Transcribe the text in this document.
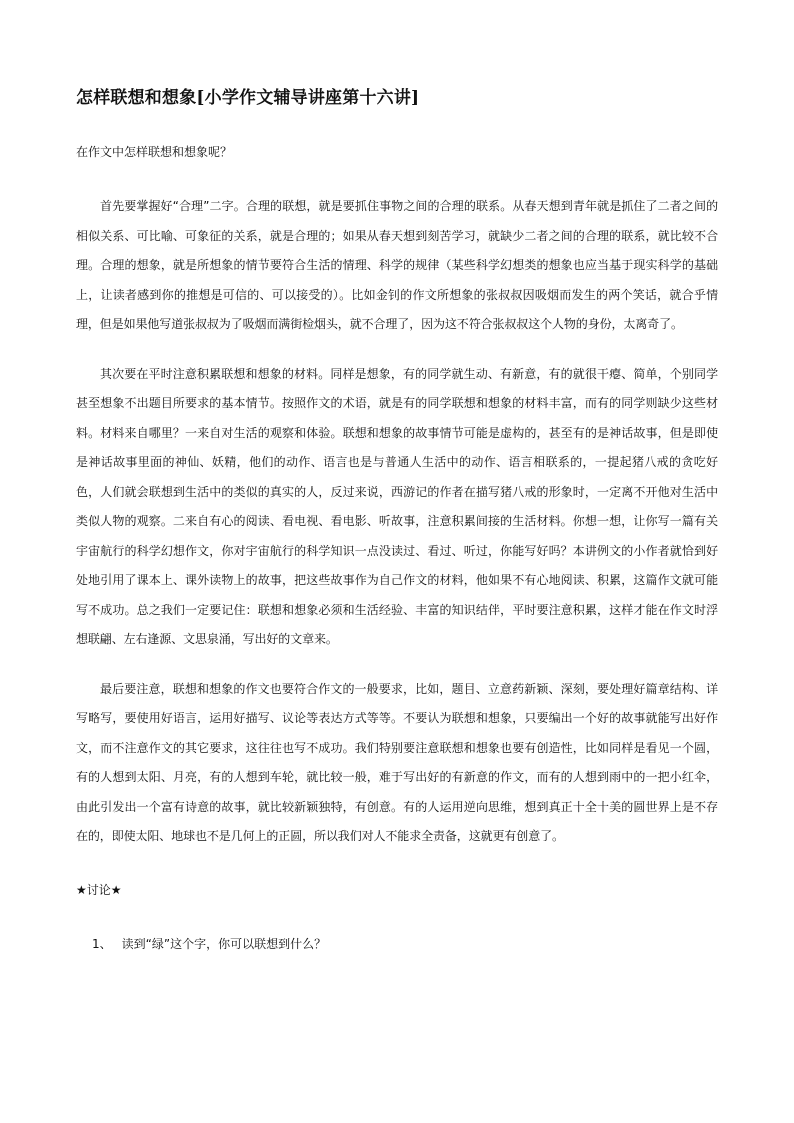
怎样联想和想象[小学作文辅导讲座第十六讲]

在作文中怎样联想和想象呢？

首先要掌握好“合理”二字。合理的联想，就是要抓住事物之间的合理的联系。从春天想到青年就是抓住了二者之间的相似关系、可比喻、可象征的关系，就是合理的；如果从春天想到刻苦学习，就缺少二者之间的合理的联系，就比较不合理。合理的想象，就是所想象的情节要符合生活的情理、科学的规律（某些科学幻想类的想象也应当基于现实科学的基础上，让读者感到你的推想是可信的、可以接受的）。比如金钊的作文所想象的张叔叔因吸烟而发生的两个笑话，就合乎情理，但是如果他写道张叔叔为了吸烟而满街检烟头，就不合理了，因为这不符合张叔叔这个人物的身份，太离奇了。

其次要在平时注意积累联想和想象的材料。同样是想象，有的同学就生动、有新意，有的就很干瘪、简单，个别同学甚至想象不出题目所要求的基本情节。按照作文的术语，就是有的同学联想和想象的材料丰富，而有的同学则缺少这些材料。材料来自哪里？一来自对生活的观察和体验。联想和想象的故事情节可能是虚构的，甚至有的是神话故事，但是即使是神话故事里面的神仙、妖精，他们的动作、语言也是与普通人生活中的动作、语言相联系的，一提起猪八戒的贪吃好色，人们就会联想到生活中的类似的真实的人，反过来说，西游记的作者在描写猪八戒的形象时，一定离不开他对生活中类似人物的观察。二来自有心的阅读、看电视、看电影、听故事，注意积累间接的生活材料。你想一想，让你写一篇有关宇宙航行的科学幻想作文，你对宇宙航行的科学知识一点没读过、看过、听过，你能写好吗？本讲例文的小作者就恰到好处地引用了课本上、课外读物上的故事，把这些故事作为自己作文的材料，他如果不有心地阅读、积累，这篇作文就可能写不成功。总之我们一定要记住：联想和想象必须和生活经验、丰富的知识结伴，平时要注意积累，这样才能在作文时浮想联翩、左右逢源、文思泉涌，写出好的文章来。

最后要注意，联想和想象的作文也要符合作文的一般要求，比如，题目、立意药新颖、深刻，要处理好篇章结构、详写略写，要使用好语言，运用好描写、议论等表达方式等等。不要认为联想和想象，只要编出一个好的故事就能写出好作文，而不注意作文的其它要求，这往往也写不成功。我们特别要注意联想和想象也要有创造性，比如同样是看见一个圆，有的人想到太阳、月亮，有的人想到车轮，就比较一般，难于写出好的有新意的作文，而有的人想到雨中的一把小红伞，由此引发出一个富有诗意的故事，就比较新颖独特，有创意。有的人运用逆向思维，想到真正十全十美的圆世界上是不存在的，即使太阳、地球也不是几何上的正圆，所以我们对人不能求全责备，这就更有创意了。

★讨论★

1、 读到“绿”这个字，你可以联想到什么？
